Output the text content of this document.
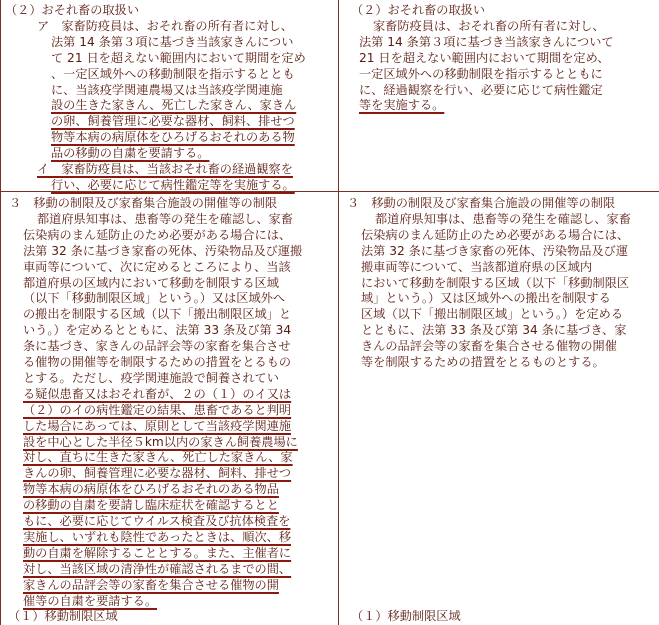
（２）おそれ畜の取扱い
ア　家畜防疫員は、おそれ畜の所有者に対し、
法第 14 条第３項に基づき当該家きんについ
て 21 日を超えない範囲内において期間を定め
、一定区域外への移動制限を指示するととも
に、当該疫学関連農場又は当該疫学関連施
設の生きた家きん、死亡した家きん、家きん
の卵、飼養管理に必要な器材、飼料、排せつ
物等本病の病原体をひろげるおそれのある物
品の移動の自粛を要請する。
イ　家畜防疫員は、当該おそれ畜の経過観察を
行い、必要に応じて病性鑑定等を実施する。
３　移動の制限及び家畜集合施設の開催等の制限
都道府県知事は、患畜等の発生を確認し、家畜
伝染病のまん延防止のため必要がある場合には、
法第 32 条に基づき家畜の死体、汚染物品及び運搬
車両等について、次に定めるところにより、当該
都道府県の区域内において移動を制限する区域
（以下「移動制限区域」という。）又は区域外へ
の搬出を制限する区域（以下「搬出制限区域」と
いう。）を定めるとともに、法第 33 条及び第 34
条に基づき、家きんの品評会等の家畜を集合させ
る催物の開催等を制限するための措置をとるもの
とする。ただし、疫学関連施設で飼養されてい
る疑似患畜又はおそれ畜が、２の（１）のイ又は
（２）のイの病性鑑定の結果、患畜であると判明
した場合にあっては、原則として当該疫学関連施
設を中心とした半径５km以内の家きん飼養農場に
対し、直ちに生きた家きん、死亡した家きん、家
きんの卵、飼養管理に必要な器材、飼料、排せつ
物等本病の病原体をひろげるおそれのある物品
の移動の自粛を要請し臨床症状を確認するとと
もに、必要に応じてウイルス検査及び抗体検査を
実施し、いずれも陰性であったときは、順次、移
動の自粛を解除することとする。また、主催者に
対し、当該区域の清浄性が確認されるまでの間、
家きんの品評会等の家畜を集合させる催物の開
催等の自粛を要請する。
（１）移動制限区域
（２）おそれ畜の取扱い
家畜防疫員は、おそれ畜の所有者に対し、
法第 14 条第３項に基づき当該家きんについて
21 日を超えない範囲内において期間を定め、
一定区域外への移動制限を指示するとともに
に、経過観察を行い、必要に応じて病性鑑定
等を実施する。
３　移動の制限及び家畜集合施設の開催等の制限
都道府県知事は、患畜等の発生を確認し、家畜
伝染病のまん延防止のため必要がある場合には、
法第 32 条に基づき家畜の死体、汚染物品及び運
搬車両等について、当該都道府県の区域内
において移動を制限する区域（以下「移動制限区
域」という。）又は区域外への搬出を制限する
区域（以下「搬出制限区域」という。）を定める
とともに、法第 33 条及び第 34 条に基づき、家
きんの品評会等の家畜を集合させる催物の開催
等を制限するための措置をとるものとする。
（１）移動制限区域
